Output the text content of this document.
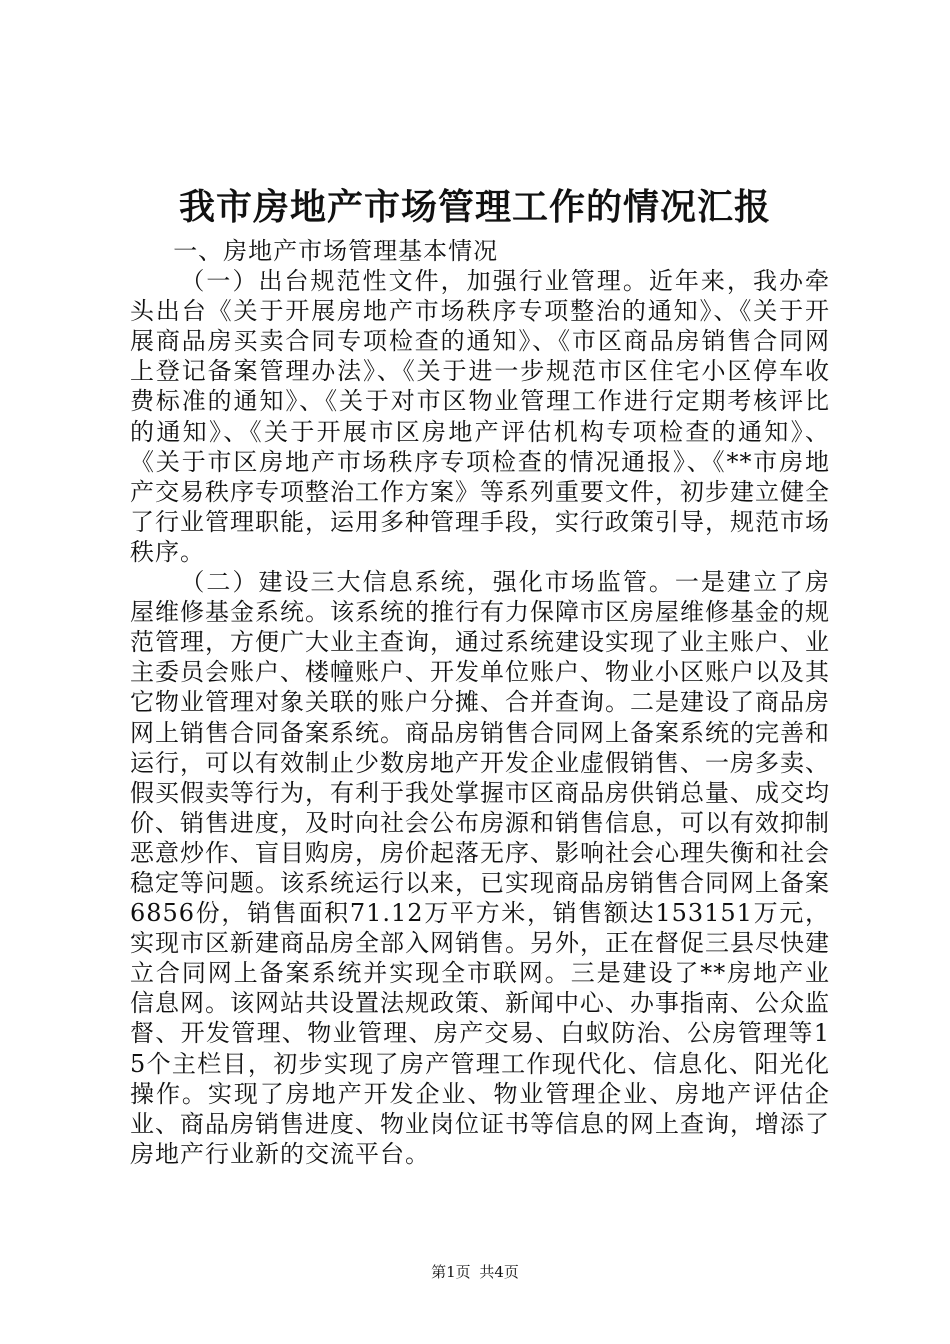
我市房地产市场管理工作的情况汇报

一、房地产市场管理基本情况

（一）出台规范性文件，加强行业管理。近年来，我办牵头出台《关于开展房地产市场秩序专项整治的通知》、《关于开展商品房买卖合同专项检查的通知》、《市区商品房销售合同网上登记备案管理办法》、《关于进一步规范市区住宅小区停车收费标准的通知》、《关于对市区物业管理工作进行定期考核评比的通知》、《关于开展市区房地产评估机构专项检查的通知》、《关于市区房地产市场秩序专项检查的情况通报》、《**市房地产交易秩序专项整治工作方案》等系列重要文件，初步建立健全了行业管理职能，运用多种管理手段，实行政策引导，规范市场秩序。

（二）建设三大信息系统，强化市场监管。一是建立了房屋维修基金系统。该系统的推行有力保障市区房屋维修基金的规范管理，方便广大业主查询，通过系统建设实现了业主账户、业主委员会账户、楼幢账户、开发单位账户、物业小区账户以及其它物业管理对象关联的账户分摊、合并查询。二是建设了商品房网上销售合同备案系统。商品房销售合同网上备案系统的完善和运行，可以有效制止少数房地产开发企业虚假销售、一房多卖、假买假卖等行为，有利于我处掌握市区商品房供销总量、成交均价、销售进度，及时向社会公布房源和销售信息，可以有效抑制恶意炒作、盲目购房，房价起落无序、影响社会心理失衡和社会稳定等问题。该系统运行以来，已实现商品房销售合同网上备案6856份，销售面积71.12万平方米，销售额达153151万元，实现市区新建商品房全部入网销售。另外，正在督促三县尽快建立合同网上备案系统并实现全市联网。三是建设了**房地产业信息网。该网站共设置法规政策、新闻中心、办事指南、公众监督、开发管理、物业管理、房产交易、白蚁防治、公房管理等15个主栏目，初步实现了房产管理工作现代化、信息化、阳光化操作。实现了房地产开发企业、物业管理企业、房地产评估企业、商品房销售进度、物业岗位证书等信息的网上查询，增添了房地产行业新的交流平台。

第1页 共4页
